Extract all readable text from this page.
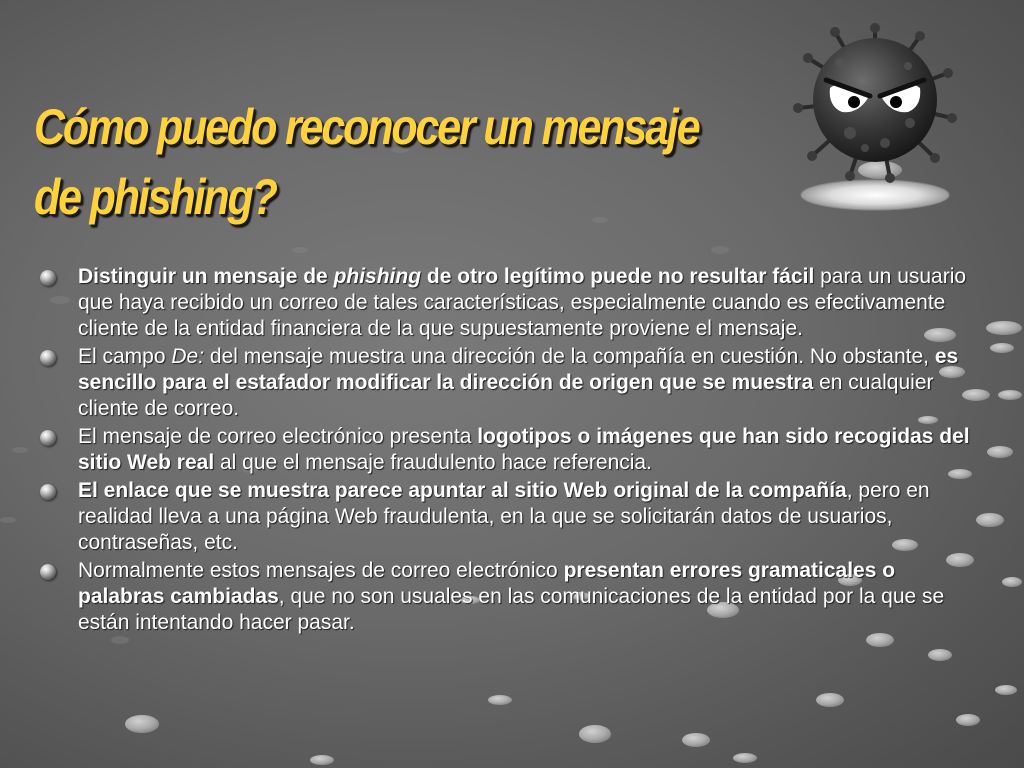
Cómo puedo reconocer un mensaje
de phishing?
Distinguir un mensaje de phishing de otro legítimo puede no resultar fácil para un usuario que haya recibido un correo de tales características, especialmente cuando es efectivamente cliente de la entidad financiera de la que supuestamente proviene el mensaje.
El campo De: del mensaje muestra una dirección de la compañía en cuestión. No obstante, es sencillo para el estafador modificar la dirección de origen que se muestra en cualquier cliente de correo.
El mensaje de correo electrónico presenta logotipos o imágenes que han sido recogidas del sitio Web real al que el mensaje fraudulento hace referencia.
El enlace que se muestra parece apuntar al sitio Web original de la compañía, pero en realidad lleva a una página Web fraudulenta, en la que se solicitarán datos de usuarios, contraseñas, etc.
Normalmente estos mensajes de correo electrónico presentan errores gramaticales o palabras cambiadas, que no son usuales en las comunicaciones de la entidad por la que se están intentando hacer pasar.
